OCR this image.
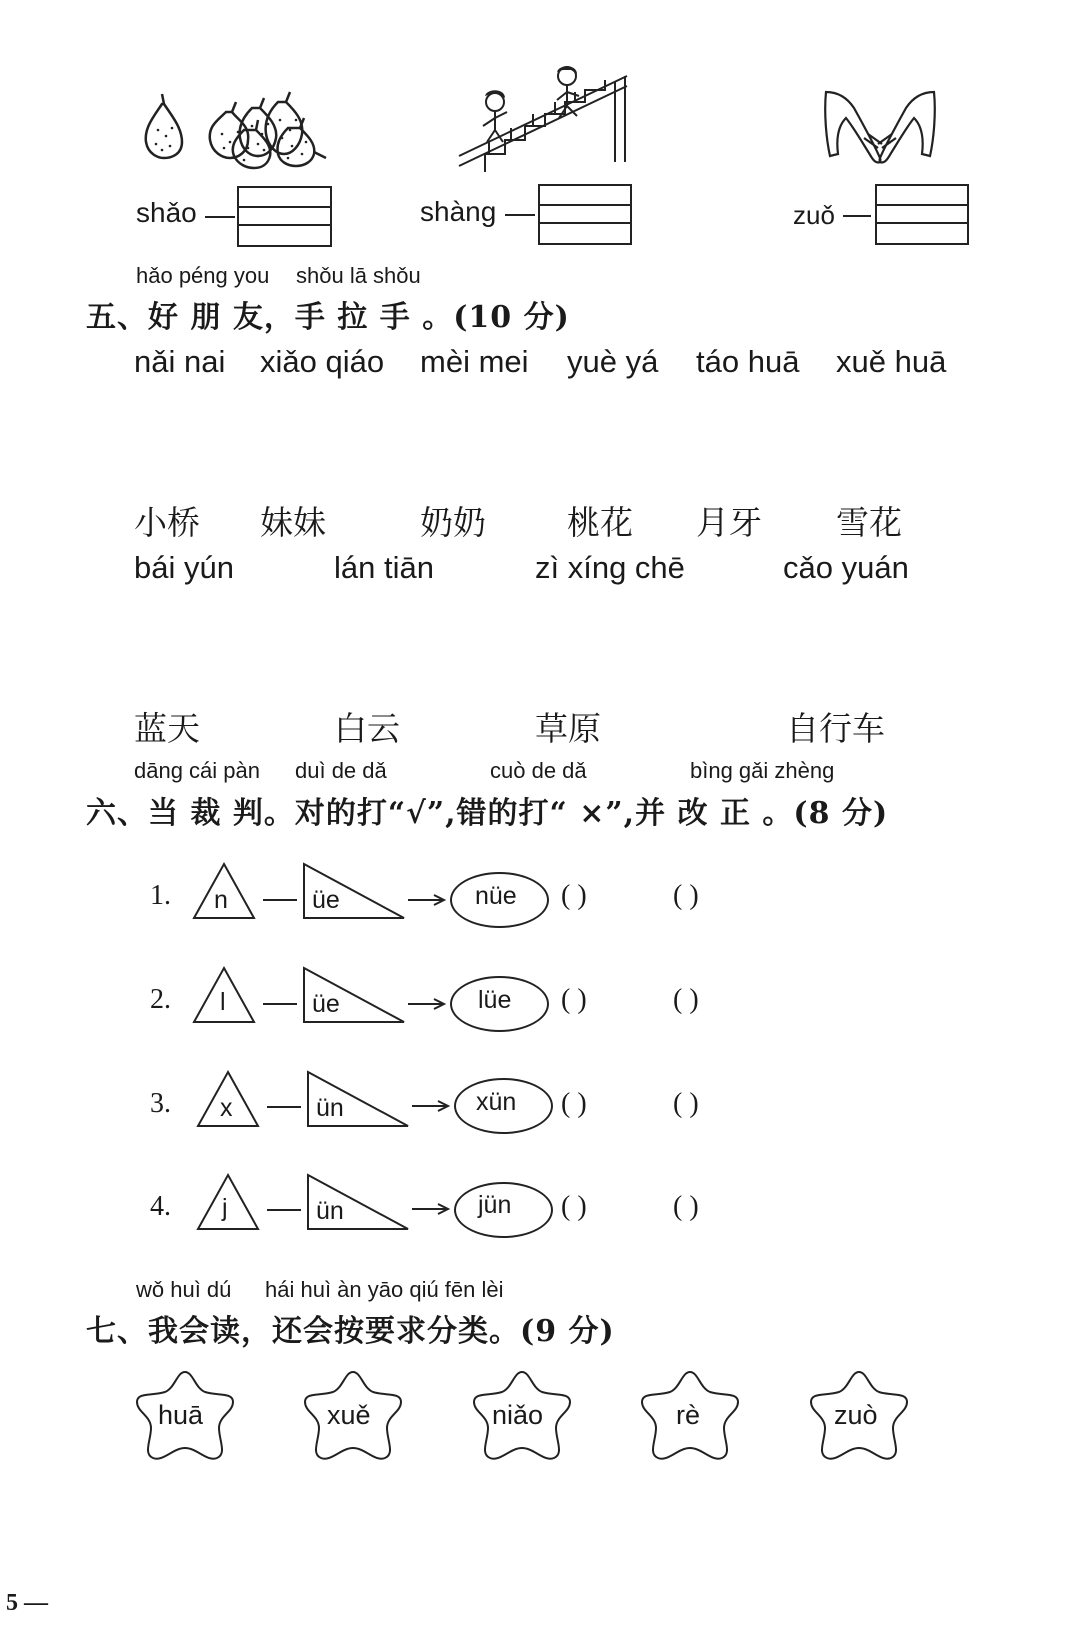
shǎo	shàng	zuǒ
hǎo péng you shǒu lā shǒu
五、好 朋 友，手 拉 手 。(10 分)
nǎi nai xiǎo qiáo mèi mei yuè yá táo huā xuě huā
小桥 妹妹	奶奶 桃花 月牙 雪花
bái yún	lán tiān	zì xíng chē	cǎo yuán
蓝天	白云	草原	自行车
dāng cái pàn duì de dǎ	cuò de dǎ	bìng gǎi zhèng
六、当 裁 判。对的打“√”,错的打“ ×”,并 改 正 。(8 分)
1. n	üe	nüe ( )	( )
2. l	üe	lüe ( )	( )
3. x	ün	xün ( )	( )
4. j	ün	jün ( )	( )
wǒ huì dú hái huì àn yāo qiú fēn lèi
七、我会读，还会按要求分类。(9 分)
huā	xuě	niǎo	rè	zuò
5 —
